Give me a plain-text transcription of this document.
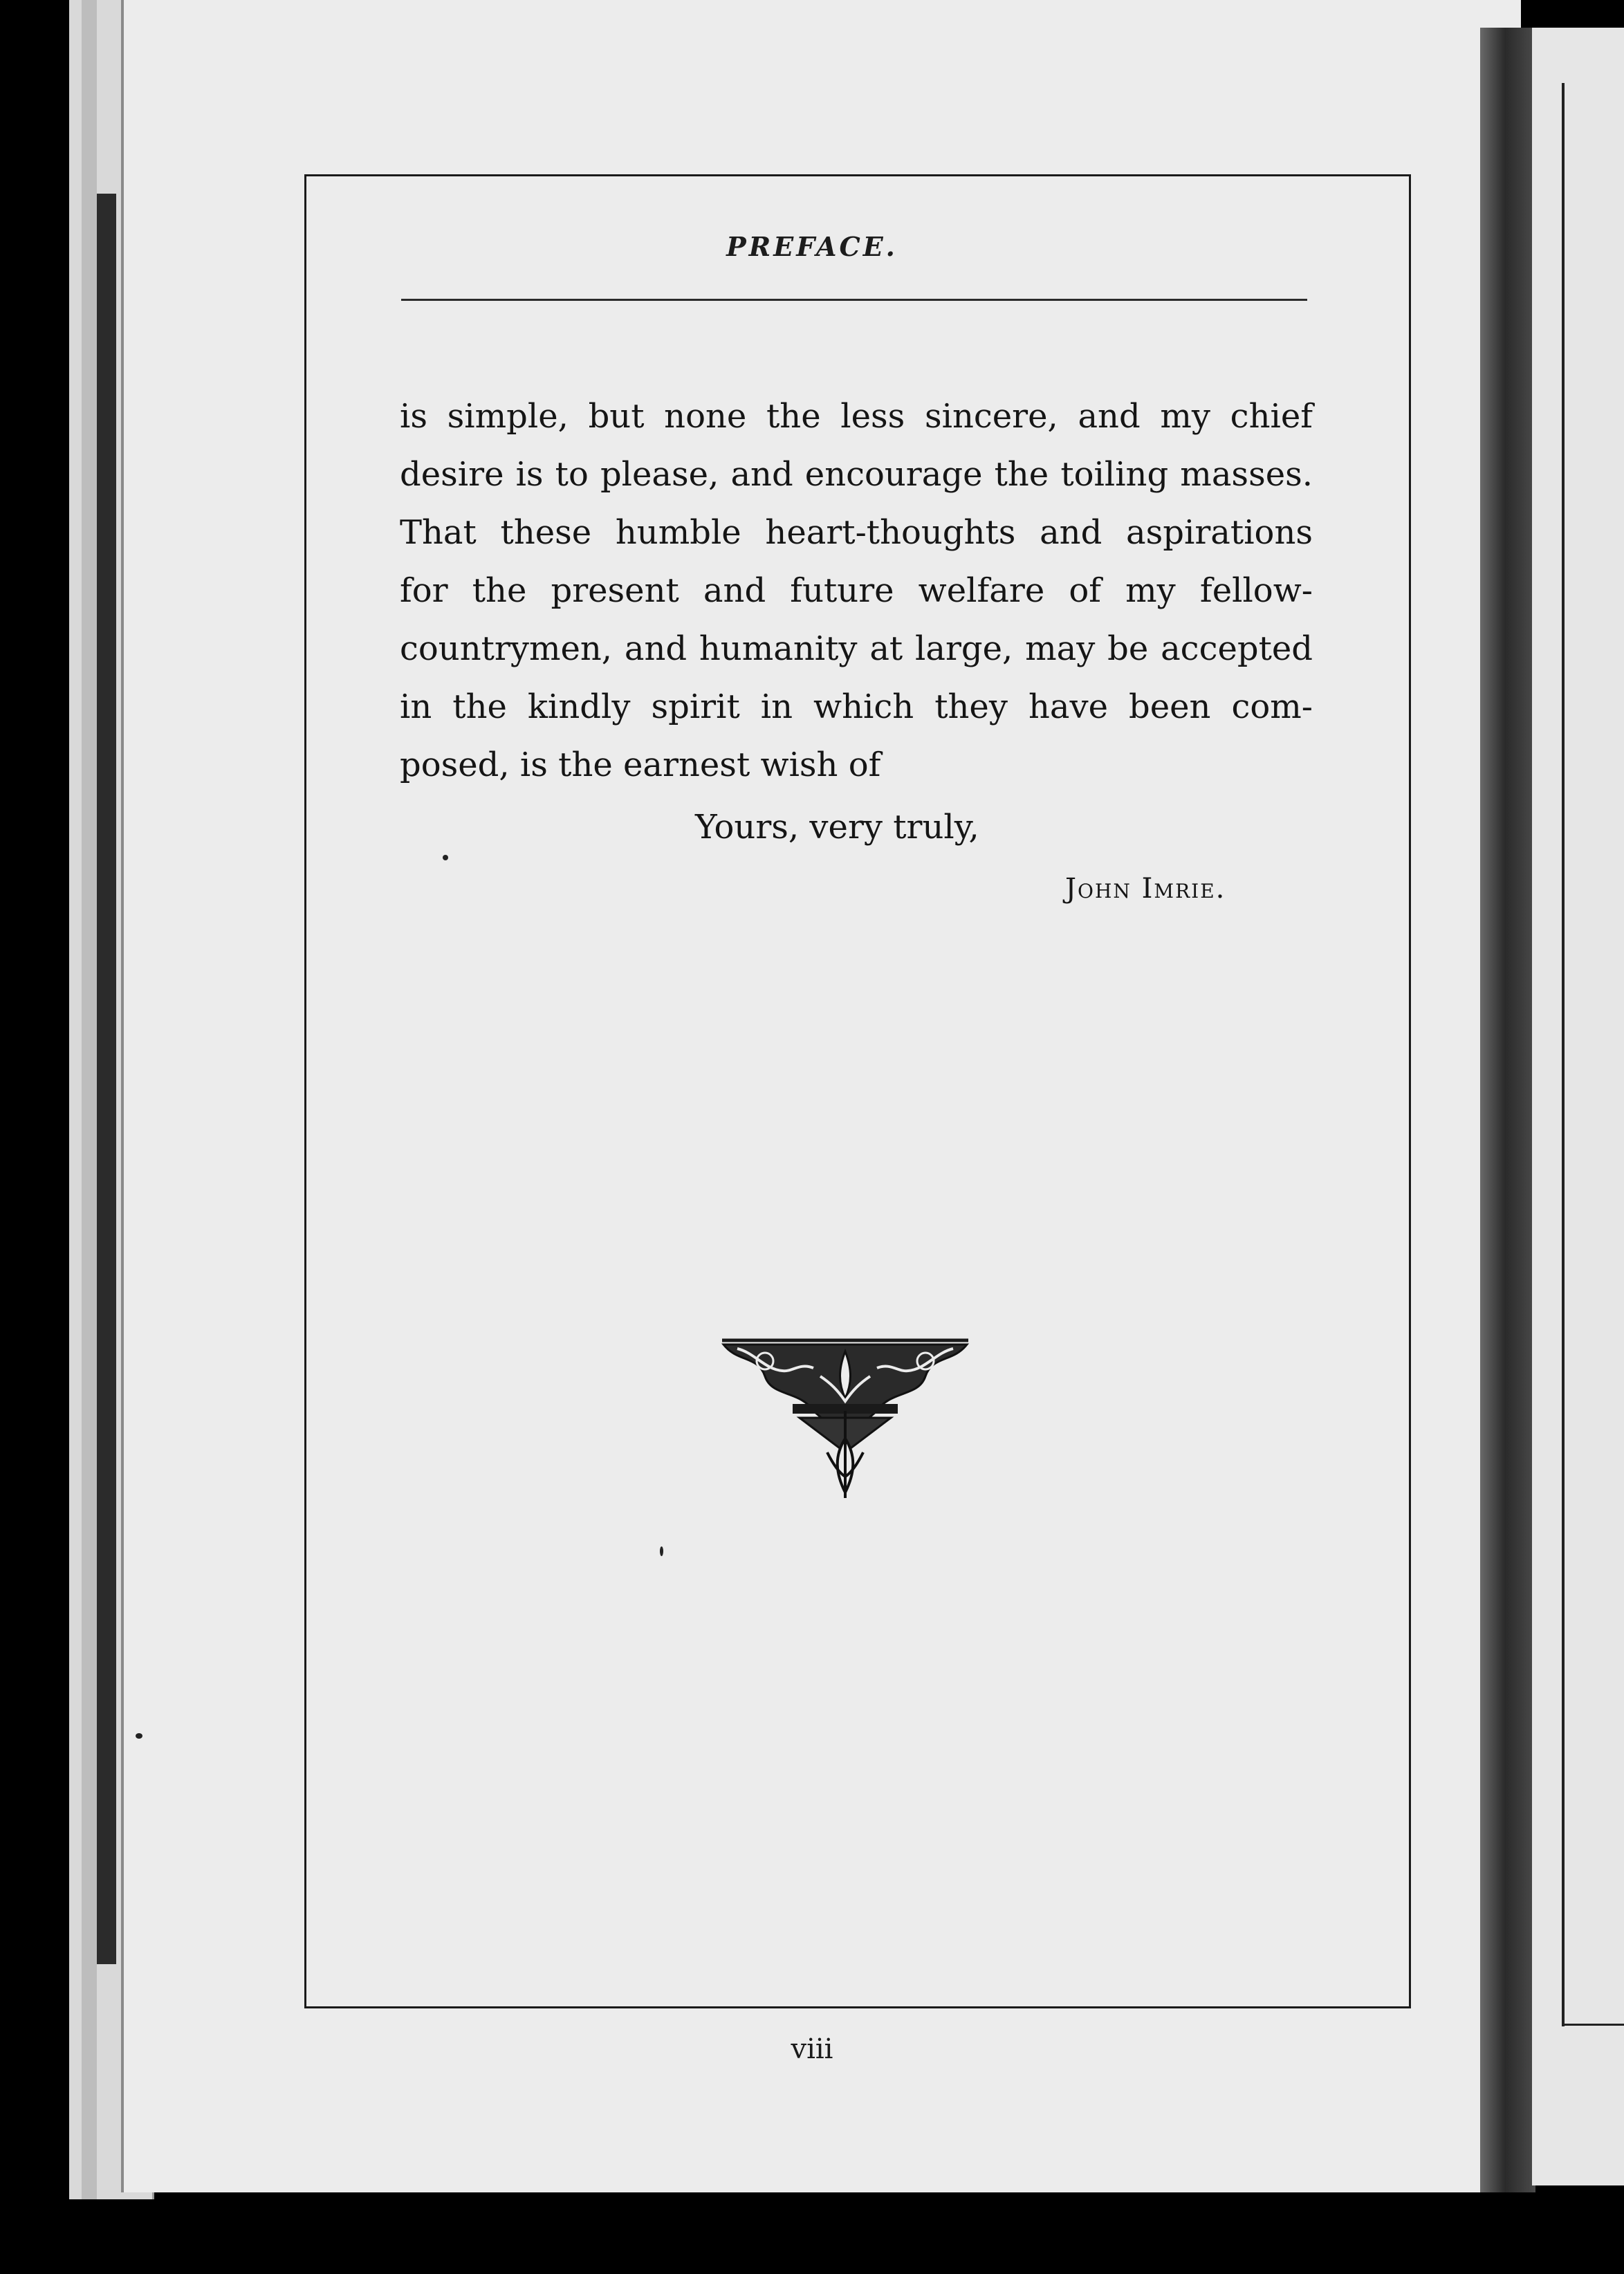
PREFACE.
is simple, but none the less sincere, and my chief
desire is to please, and encourage the toiling masses.
That these humble heart-thoughts and aspirations
for the present and future welfare of my fellow-
countrymen, and humanity at large, may be accepted
in the kindly spirit in which they have been com-
posed, is the earnest wish of
Yours, very truly,
John Imrie.
viii
